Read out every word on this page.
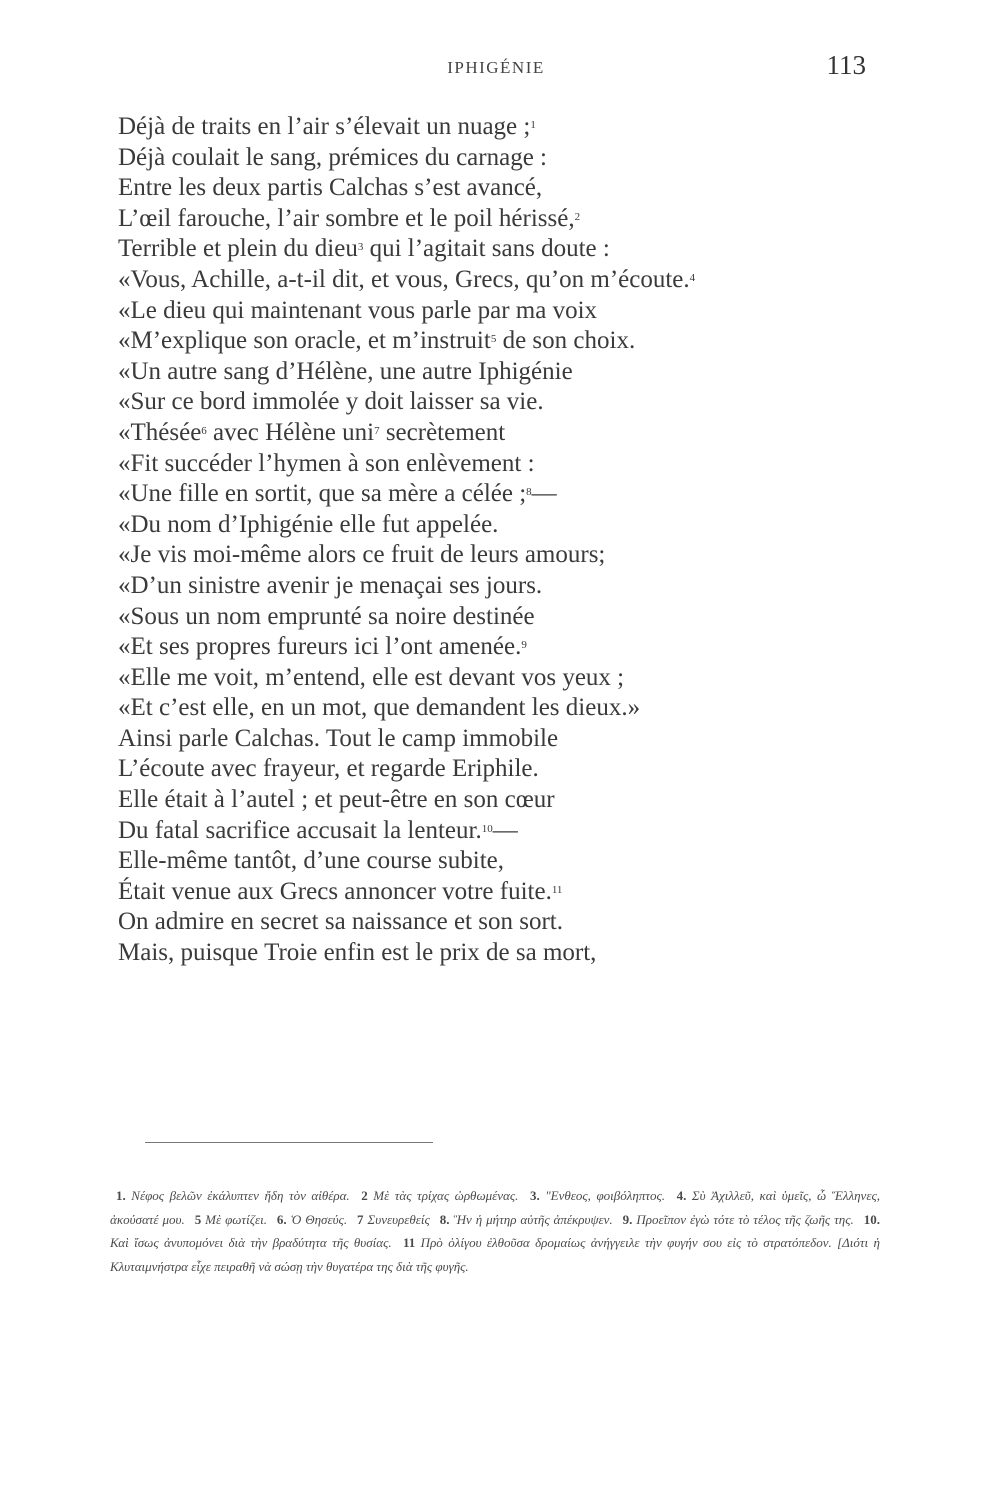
IPHIGÉNIE	113
Déjà de traits en l’air s’élevait un nuage ;$^1$
Déjà coulait le sang, prémices du carnage :
Entre les deux partis Calchas s’est avancé,
L’œil farouche, l’air sombre et le poil hérissé,$^2$
Terrible et plein du dieu$^3$ qui l’agitait sans doute :
«Vous, Achille, a-t-il dit, et vous, Grecs, qu’on m’écoute.$^4$
«Le dieu qui maintenant vous parle par ma voix
«M’explique son oracle, et m’instruit$^5$ de son choix.
«Un autre sang d’Hélène, une autre Iphigénie
«Sur ce bord immolée y doit laisser sa vie.
«Thésée$^6$ avec Hélène uni$^7$ secrètement
«Fit succéder l’hymen à son enlèvement :
«Une fille en sortit, que sa mère a célée ;$^8$—
«Du nom d’Iphigénie elle fut appelée.
«Je vis moi-même alors ce fruit de leurs amours;
«D’un sinistre avenir je menaçai ses jours.
«Sous un nom emprunté sa noire destinée
«Et ses propres fureurs ici l’ont amenée.$^9$
«Elle me voit, m’entend, elle est devant vos yeux ;
«Et c’est elle, en un mot, que demandent les dieux.»
Ainsi parle Calchas. Tout le camp immobile
L’écoute avec frayeur, et regarde Eriphile.
Elle était à l’autel ; et peut-être en son cœur
Du fatal sacrifice accusait la lenteur.$^{10}$—
Elle-même tantôt, d’une course subite,
Était venue aux Grecs annoncer votre fuite.$^{11}$
On admire en secret sa naissance et son sort.
Mais, puisque Troie enfin est le prix de sa mort,
1. Νέφος βελῶν ἐκάλυπτεν ἤδη τὸν αἰθέρα. 2 Μὲ τὰς τρίχας ὠρθωμένας. 3. "Ενθεος, φοιβόληπτος. 4. Σὺ Ἀχιλλεῦ, καὶ ὑμεῖς, ὦ Ἕλληνες, ἀκούσατέ μου. 5 Μὲ φωτίζει. 6. Ὁ Θησεύς. 7 Συνευρεθείς 8. Ἣν ἡ μήτηρ αὐτῆς ἀπέκρυψεν. 9. Προεῖπον ἐγὼ τότε τὸ τέλος τῆς ζωῆς της. 10. Καὶ ἴσως ἀνυπομόνει διὰ τὴν βραδύτητα τῆς θυσίας. 11 Πρὸ ὀλίγου ἐλθοῦσα δρομαίως ἀνήγγειλε τὴν φυγήν σου εἰς τὸ στρατόπεδον. [Διότι ἡ Κλυταιμνήστρα εἶχε πειραθῆ νὰ σώσῃ τὴν θυγατέρα της διὰ τῆς φυγῆς.
